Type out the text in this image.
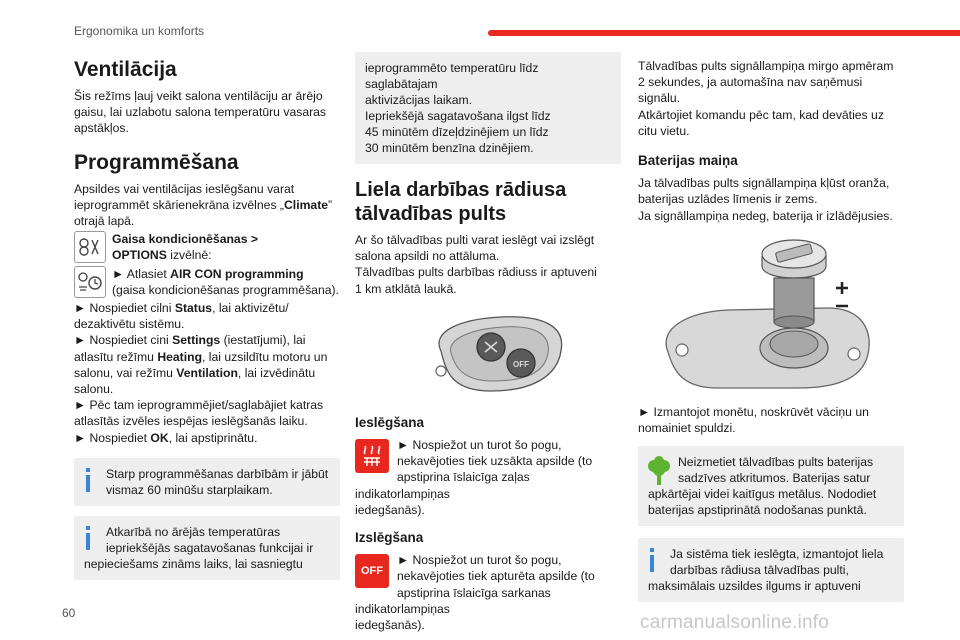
Ergonomika un komforts
Ventilācija

Šis režīms ļauj veikt salona ventilāciju ar ārējo
gaisu, lai uzlabotu salona temperatūru vasaras
apstākļos.

Programmēšana

Apsildes vai ventilācijas ieslēgšanu varat
ieprogrammēt skārienekrāna izvēlnes „Climate”
otrajā lapā.

Gaisa kondicionēšanas >
OPTIONS izvēlnē:
► Atlasiet AIR CON programming
(gaisa kondicionēšanas programmēšana).

► Nospiediet cilni Status, lai aktivizētu/
dezaktivētu sistēmu.
► Nospiediet cini Settings (iestatījumi), lai
atlasītu režīmu Heating, lai uzsildītu motoru un
salonu, vai režīmu Ventilation, lai izvēdinātu
salonu.
► Pēc tam ieprogrammējiet/saglabājiet katras
atlasītās izvēles iespējas ieslēgšanās laiku.
► Nospiediet OK, lai apstiprinātu.

Starp programmēšanas darbībām ir jābūt
vismaz 60 minūšu starplaikam.
Atkarībā no ārējās temperatūras
iepriekšējās sagatavošanas funkcijai ir
nepieciešams zināms laiks, lai sasniegtu
ieprogrammēto temperatūru līdz saglabātajam
aktivizācijas laikam.
Iepriekšējā sagatavošana ilgst līdz
45 minūtēm dīzeļdzinējiem un līdz
30 minūtēm benzīna dzinējiem.
Liela darbības rādiusa
tālvadības pults

Ar šo tālvadības pulti varat ieslēgt vai izslēgt
salona apsildi no attāluma.
Tālvadības pults darbības rādiuss ir aptuveni
1 km atklātā laukā.

OFF
Ieslēgšana
► Nospiežot un turot šo pogu,
nekavējoties tiek uzsākta apsilde (to
apstiprina īslaicīga zaļas indikatorlampiņas
iedegšanās).
Izslēgšana
OFF
► Nospiežot un turot šo pogu,
nekavējoties tiek apturēta apsilde (to
apstiprina īslaicīga sarkanas indikatorlampiņas
iedegšanās).

Tālvadības pults signāllampiņa mirgo apmēram
2 sekundes, ja automašīna nav saņēmusi
signālu.
Atkārtojiet komandu pēc tam, kad devāties uz
citu vietu.

Baterijas maiņa

Ja tālvadības pults signāllampiņa kļūst oranža,
baterijas uzlādes līmenis ir zems.
Ja signāllampiņa nedeg, baterija ir izlādējusies.

► Izmantojot monētu, noskrūvēt vāciņu un
nomainiet spuldzi.

Neizmetiet tālvadības pults baterijas
sadzīves atkritumos. Baterijas satur
apkārtējai videi kaitīgus metālus. Nododiet
baterijas apstiprinātā nodošanas punktā.
Ja sistēma tiek ieslēgta, izmantojot liela
darbības rādiusa tālvadības pulti,
maksimālais uzsildes ilgums ir aptuveni
60	carmanualsonline.info
